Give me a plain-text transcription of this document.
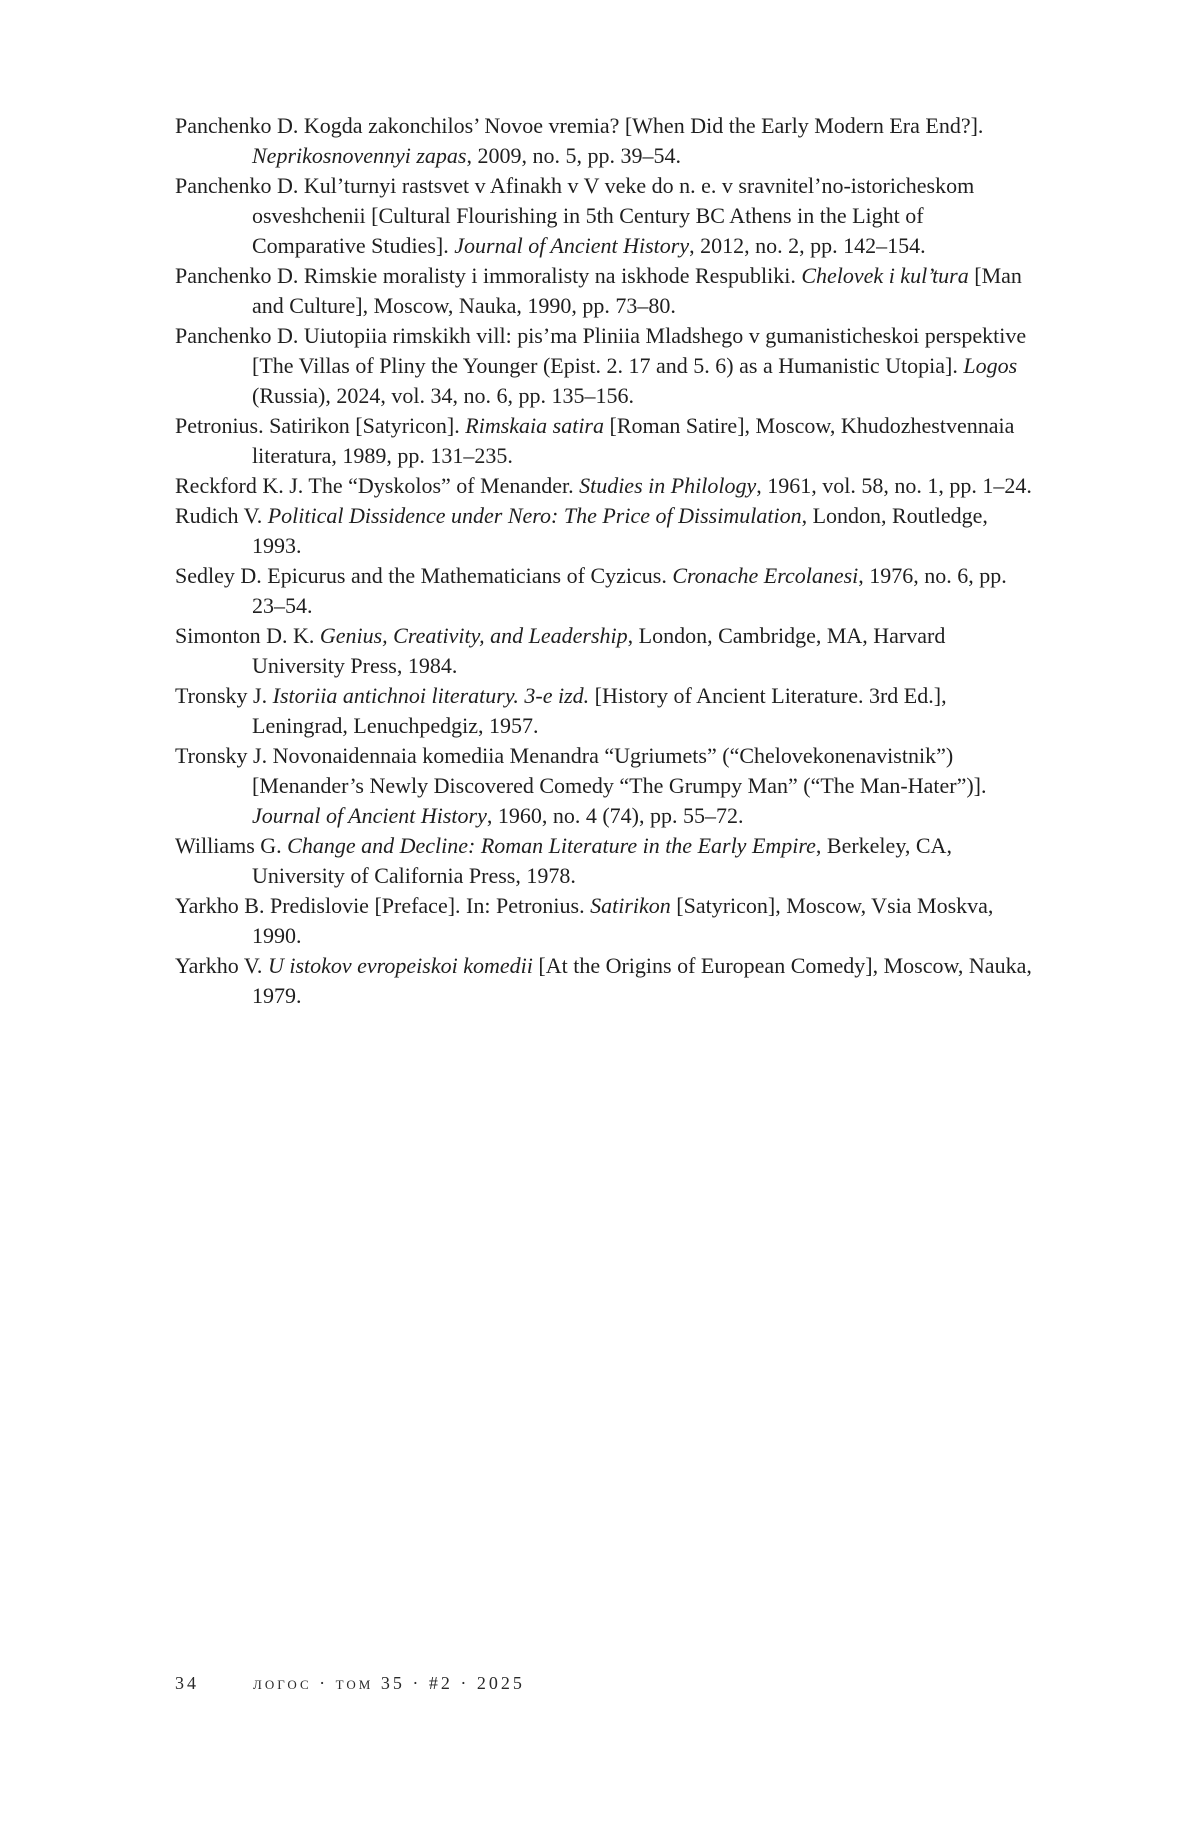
Panchenko D. Kogda zakonchilos’ Novoe vremia? [When Did the Early Modern Era End?]. Neprikosnovennyi zapas, 2009, no. 5, pp. 39–54.

Panchenko D. Kul’turnyi rastsvet v Afinakh v V veke do n. e. v sravnitel’no-istoricheskom osveshchenii [Cultural Flourishing in 5th Century BC Athens in the Light of Comparative Studies]. Journal of Ancient History, 2012, no. 2, pp. 142–154.

Panchenko D. Rimskie moralisty i immoralisty na iskhode Respubliki. Chelovek i kul’tura [Man and Culture], Moscow, Nauka, 1990, pp. 73–80.

Panchenko D. Uiutopiia rimskikh vill: pis’ma Pliniia Mladshego v gumanisticheskoi perspektive [The Villas of Pliny the Younger (Epist. 2. 17 and 5. 6) as a Humanistic Utopia]. Logos (Russia), 2024, vol. 34, no. 6, pp. 135–156.

Petronius. Satirikon [Satyricon]. Rimskaia satira [Roman Satire], Moscow, Khudozhestvennaia literatura, 1989, pp. 131–235.

Reckford K. J. The “Dyskolos” of Menander. Studies in Philology, 1961, vol. 58, no. 1, pp. 1–24.

Rudich V. Political Dissidence under Nero: The Price of Dissimulation, London, Routledge, 1993.

Sedley D. Epicurus and the Mathematicians of Cyzicus. Cronache Ercolanesi, 1976, no. 6, pp. 23–54.

Simonton D. K. Genius, Creativity, and Leadership, London, Cambridge, MA, Harvard University Press, 1984.

Tronsky J. Istoriia antichnoi literatury. 3-e izd. [History of Ancient Literature. 3rd Ed.], Leningrad, Lenuchpedgiz, 1957.

Tronsky J. Novonaidennaia komediia Menandra “Ugriumets” (“Chelovekonenavistnik”) [Menander’s Newly Discovered Comedy “The Grumpy Man” (“The Man-Hater”)]. Journal of Ancient History, 1960, no. 4 (74), pp. 55–72.

Williams G. Change and Decline: Roman Literature in the Early Empire, Berkeley, CA, University of California Press, 1978.

Yarkho B. Predislovie [Preface]. In: Petronius. Satirikon [Satyricon], Moscow, Vsia Moskva, 1990.

Yarkho V. U istokov evropeiskoi komedii [At the Origins of European Comedy], Moscow, Nauka, 1979.

34	логос · том 35 · #2 · 2025
